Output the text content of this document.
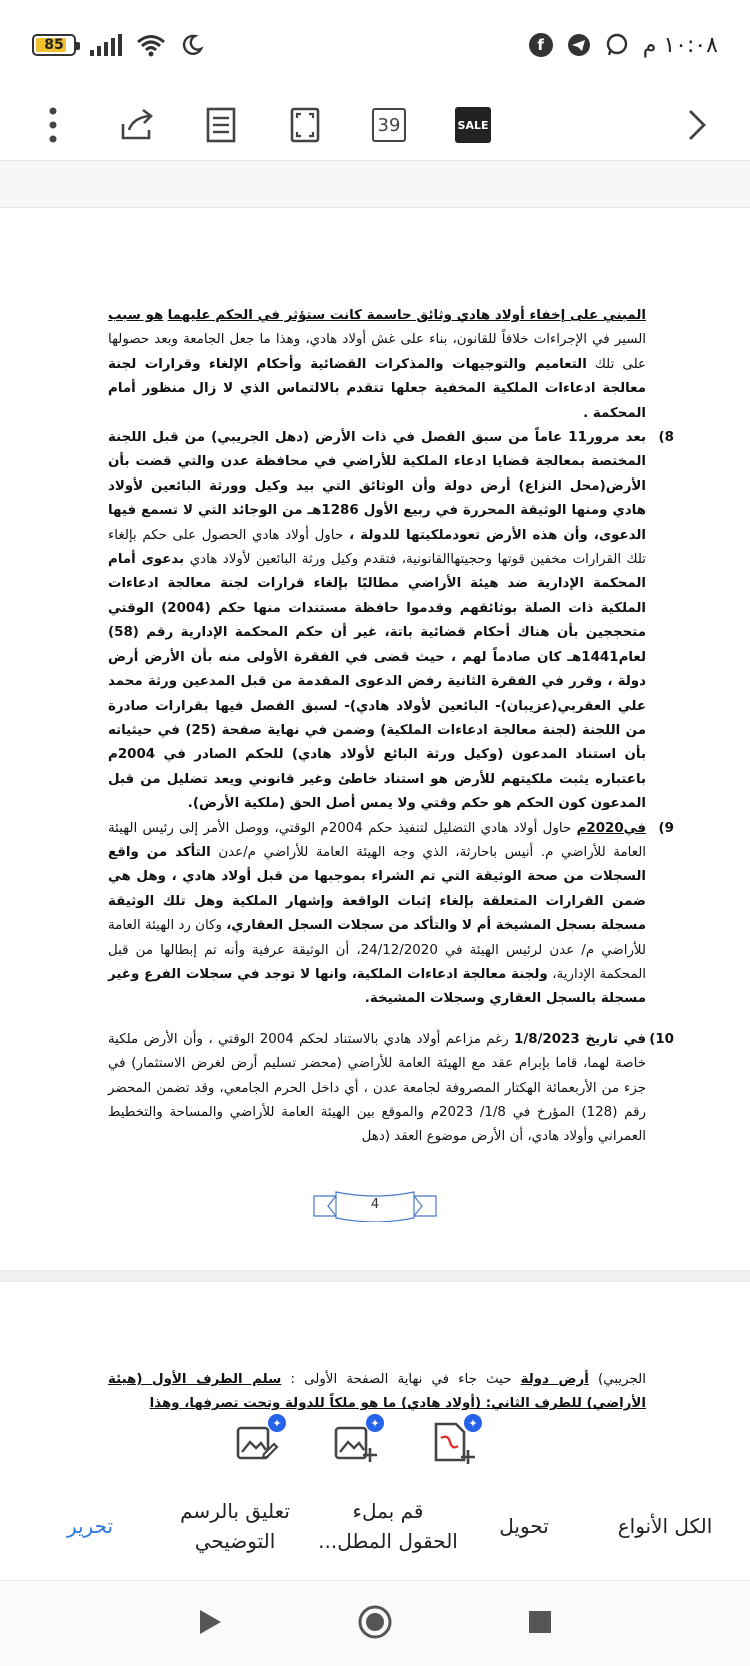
85	f	١٠:٠٨ م
39	SALE

المبني على إخفاء أولاد هادي وثائق حاسمة كانت ستؤثر في الحكم عليهما هو سبب السير في الإجراءات خلافاً للقانون، بناء على غش أولاد هادي، وهذا ما جعل الجامعة وبعد حصولها على تلك التعاميم والتوجيهات والمذكرات القضائية وأحكام الإلغاء وقرارات لجنة معالجة ادعاءات الملكية المخفية جعلها تتقدم بالالتماس الذي لا زال منظور أمام المحكمة .

8)
بعد مرور11 عاماً من سبق الفصل في ذات الأرض (دهل الجريبي) من قبل اللجنة المختصة بمعالجة قضايا ادعاء الملكية للأراضي في محافظة عدن والتي قضت بأن الأرض(محل النزاع) أرض دولة وأن الوثائق التي بيد وكيل وورثة البائعين لأولاد هادي ومنها الوثيقة المحررة في ربيع الأول 1286هـ من الوجائد التي لا تسمع فيها الدعوى، وأن هذه الأرض تعودملكيتها للدولة ، حاول أولاد هادي الحصول على حكم بإلغاء تلك القرارات مخفين قوتها وحجيتهاالقانونية، فتقدم وكيل ورثة البائعين لأولاد هادي بدعوى أمام المحكمة الإدارية ضد هيئة الأراضي مطالبًا بإلغاء قرارات لجنة معالجة ادعاءات الملكية ذات الصلة بوثائقهم وقدموا حافظة مستندات منها حكم (2004) الوقتي متحججين بأن هناك أحكام قضائية باتة، غير أن حكم المحكمة الإدارية رقم (58) لعام1441هـ كان صادماً لهم ، حيث قضى في الفقرة الأولى منه بأن الأرض أرض دولة ، وقرر في الفقرة الثانية رفض الدعوى المقدمة من قبل المدعين ورثة محمد علي العقربي(عزيبان)- البائعين لأولاد هادي)- لسبق الفصل فيها بقرارات صادرة من اللجنة (لجنة معالجة ادعاءات الملكية) وضمن في نهاية صفحة (25) في حيثياته بأن استناد المدعون (وكيل ورثة البائع لأولاد هادي) للحكم الصادر في 2004م باعتباره يثبت ملكيتهم للأرض هو استناد خاطئ وغير قانوني ويعد تضليل من قبل المدعون كون الحكم هو حكم وقتي ولا يمس أصل الحق (ملكية الأرض).

9)
في2020م حاول أولاد هادي التضليل لتنفيذ حكم 2004م الوقتي، ووصل الأمر إلى رئيس الهيئة العامة للأراضي م. أنيس باحارثة، الذي وجه الهيئة العامة للأراضي م/عدن التأكد من واقع السجلات من صحة الوثيقة التي تم الشراء بموجبها من قبل أولاد هادي ، وهل هي ضمن القرارات المتعلقة بإلغاء إثبات الواقعة وإشهار الملكية وهل تلك الوثيقة مسجلة بسجل المشيخة أم لا والتأكد من سجلات السجل العقاري، وكان رد الهيئة العامة للأراضي م/ عدن لرئيس الهيئة في 24/12/2020، أن الوثيقة عرفية وأنه تم إبطالها من قبل المحكمة الإدارية، ولجنة معالجة ادعاءات الملكية، وانها لا توجد في سجلات الفرع وغير مسجلة بالسجل العقاري وسجلات المشيخة.

10)
في تاريخ 1/8/2023 رغم مزاعم أولاد هادي بالاستناد لحكم 2004 الوقتي ، وأن الأرض ملكية خاصة لهما، قاما بإبرام عقد مع الهيئة العامة للأراضي (محضر تسليم أرض لغرض الاستثمار) في جزء من الأربعمائة الهكتار المصروفة لجامعة عدن ، أي داخل الحرم الجامعي، وقد تضمن المحضر رقم (128) المؤرخ في 1/8/ 2023م والموقع بين الهيئة العامة للأراضي والمساحة والتخطيط العمراني وأولاد هادي، أن الأرض موضوع العقد (دهل

4

الجريبي) أرض دولة حيث جاء في نهاية الصفحة الأولى : سلم الطرف الأول (هيئة الأراضي) للطرف الثاني: (أولاد هادي) ما هو ملكاً للدولة وتحت تصرفها، وهذا

✦	✦	✦
الكل الأنواع
تحويل
قم بملء
الحقول المطل...
تعليق بالرسم
التوضيحي
تحرير
